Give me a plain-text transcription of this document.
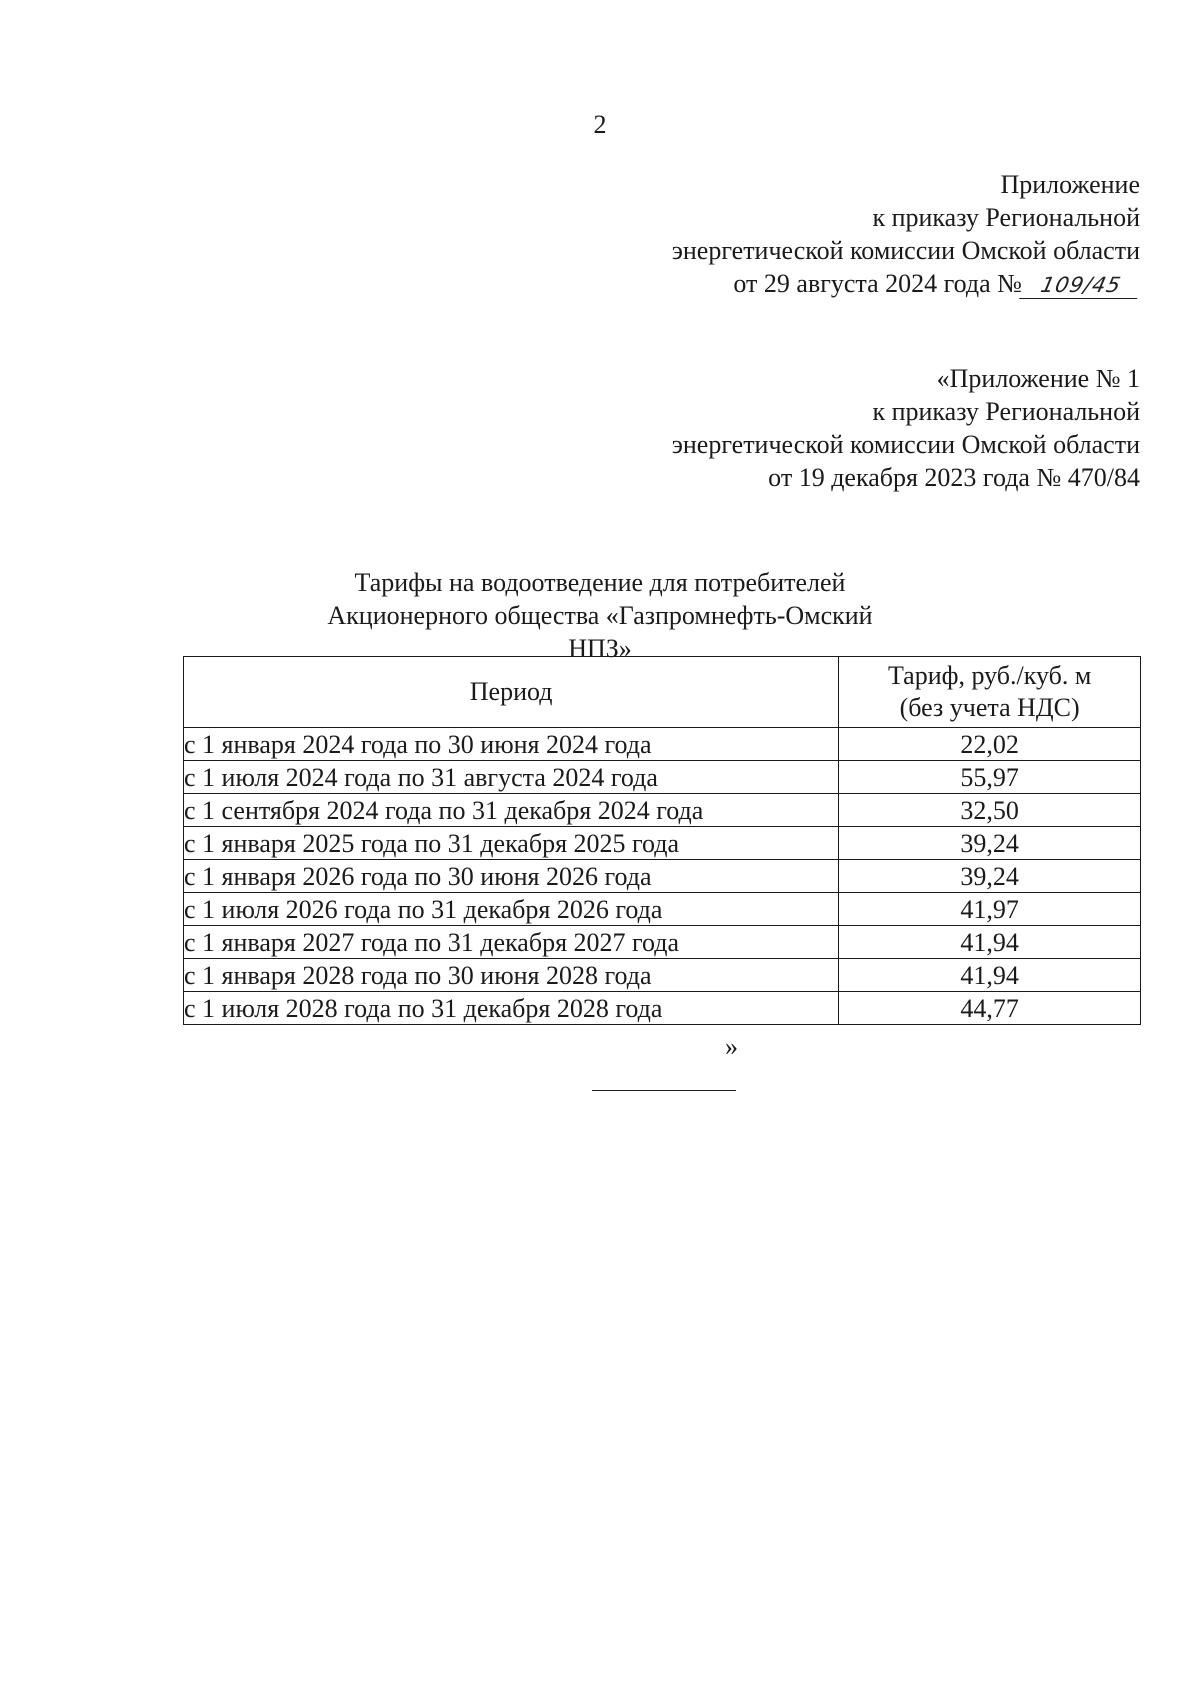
2
Приложение
к приказу Региональной
энергетической комиссии Омской области
от 29 августа 2024 года № 109/45
«Приложение № 1
к приказу Региональной
энергетической комиссии Омской области
от 19 декабря 2023 года № 470/84
Тарифы на водоотведение для потребителей
Акционерного общества «Газпромнефть-Омский НПЗ»
Период	Тариф, руб./куб. м
(без учета НДС)

с 1 января 2024 года по 30 июня 2024 года	22,02
с 1 июля 2024 года по 31 августа 2024 года	55,97
с 1 сентября 2024 года по 31 декабря 2024 года	32,50
с 1 января 2025 года по 31 декабря 2025 года	39,24
с 1 января 2026 года по 30 июня 2026 года	39,24
с 1 июля 2026 года по 31 декабря 2026 года	41,97
с 1 января 2027 года по 31 декабря 2027 года	41,94
с 1 января 2028 года по 30 июня 2028 года	41,94
с 1 июля 2028 года по 31 декабря 2028 года	44,77
»
